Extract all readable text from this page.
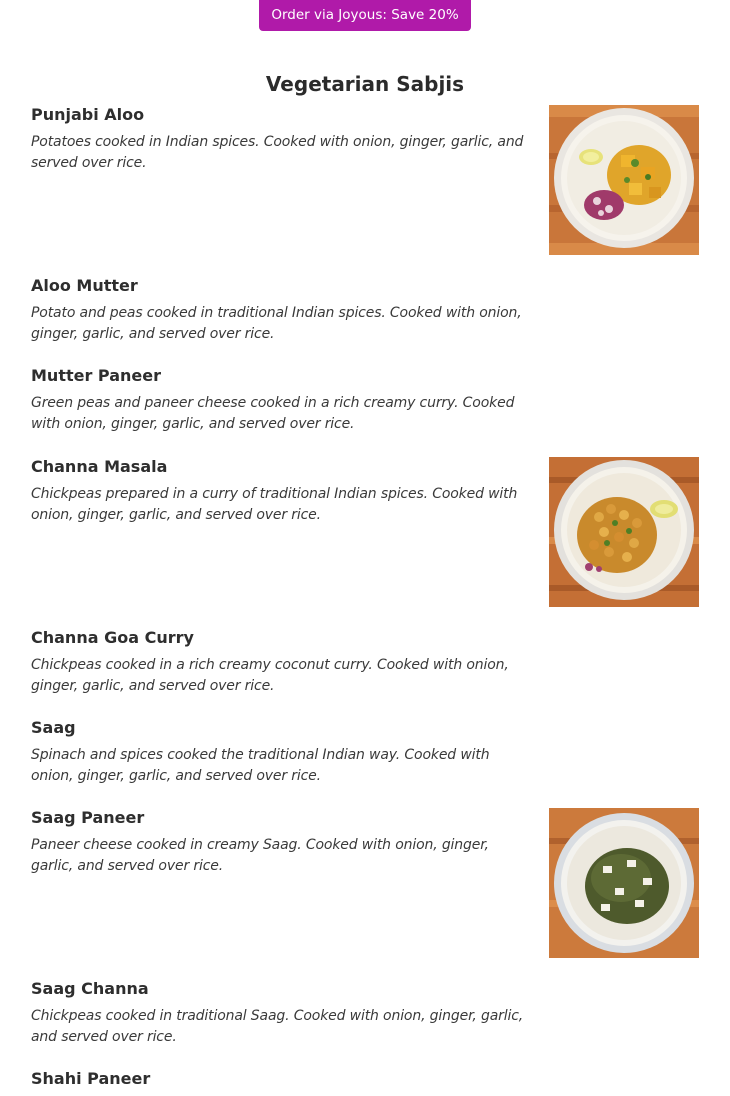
Order via Joyous: Save 20%
Vegetarian Sabjis
Punjabi Aloo

Potatoes cooked in Indian spices. Cooked with onion, ginger, garlic, and served over rice.

Aloo Mutter

Potato and peas cooked in traditional Indian spices. Cooked with onion, ginger, garlic, and served over rice.

Mutter Paneer

Green peas and paneer cheese cooked in a rich creamy curry. Cooked with onion, ginger, garlic, and served over rice.

Channa Masala

Chickpeas prepared in a curry of traditional Indian spices. Cooked with onion, ginger, garlic, and served over rice.

Channa Goa Curry

Chickpeas cooked in a rich creamy coconut curry. Cooked with onion, ginger, garlic, and served over rice.

Saag

Spinach and spices cooked the traditional Indian way. Cooked with onion, ginger, garlic, and served over rice.

Saag Paneer

Paneer cheese cooked in creamy Saag. Cooked with onion, ginger, garlic, and served over rice.

Saag Channa

Chickpeas cooked in traditional Saag. Cooked with onion, ginger, garlic, and served over rice.

Shahi Paneer
